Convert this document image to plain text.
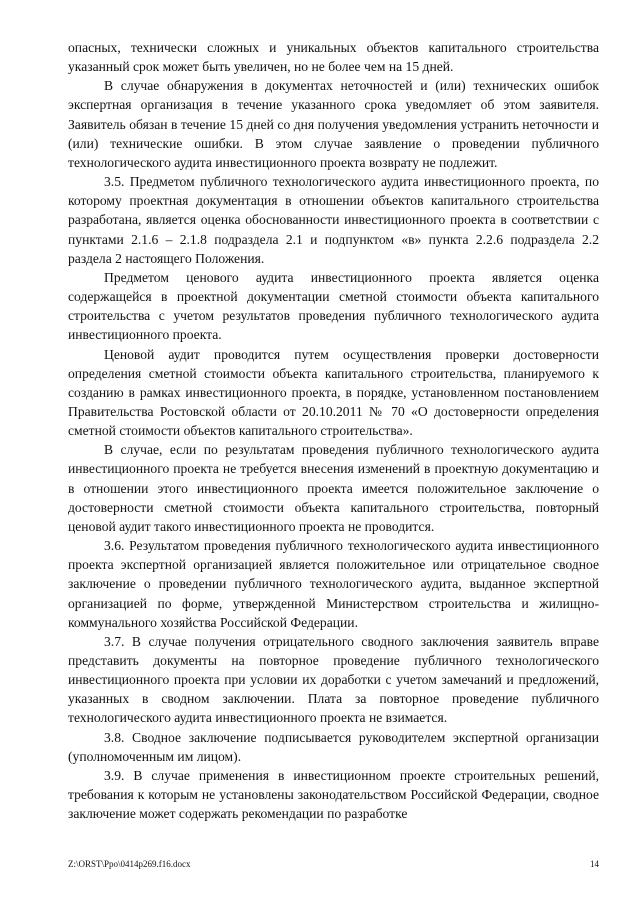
опасных, технически сложных и уникальных объектов капитального строительства указанный срок может быть увеличен, но не более чем на 15 дней.

В случае обнаружения в документах неточностей и (или) технических ошибок экспертная организация в течение указанного срока уведомляет об этом заявителя. Заявитель обязан в течение 15 дней со дня получения уведомления устранить неточности и (или) технические ошибки. В этом случае заявление о проведении публичного технологического аудита инвестиционного проекта возврату не подлежит.

3.5. Предметом публичного технологического аудита инвестиционного проекта, по которому проектная документация в отношении объектов капитального строительства разработана, является оценка обоснованности инвестиционного проекта в соответствии с пунктами 2.1.6 – 2.1.8 подраздела 2.1 и подпунктом «в» пункта 2.2.6 подраздела 2.2 раздела 2 настоящего Положения.

Предметом ценового аудита инвестиционного проекта является оценка содержащейся в проектной документации сметной стоимости объекта капитального строительства с учетом результатов проведения публичного технологического аудита инвестиционного проекта.

Ценовой аудит проводится путем осуществления проверки достоверности определения сметной стоимости объекта капитального строительства, планируемого к созданию в рамках инвестиционного проекта, в порядке, установленном постановлением Правительства Ростовской области от 20.10.2011 № 70 «О достоверности определения сметной стоимости объектов капитального строительства».

В случае, если по результатам проведения публичного технологического аудита инвестиционного проекта не требуется внесения изменений в проектную документацию и в отношении этого инвестиционного проекта имеется положительное заключение о достоверности сметной стоимости объекта капитального строительства, повторный ценовой аудит такого инвестиционного проекта не проводится.

3.6. Результатом проведения публичного технологического аудита инвестиционного проекта экспертной организацией является положительное или отрицательное сводное заключение о проведении публичного технологического аудита, выданное экспертной организацией по форме, утвержденной Министерством строительства и жилищно-коммунального хозяйства Российской Федерации.

3.7. В случае получения отрицательного сводного заключения заявитель вправе представить документы на повторное проведение публичного технологического инвестиционного проекта при условии их доработки с учетом замечаний и предложений, указанных в сводном заключении. Плата за повторное проведение публичного технологического аудита инвестиционного проекта не взимается.

3.8. Сводное заключение подписывается руководителем экспертной организации (уполномоченным им лицом).

3.9. В случае применения в инвестиционном проекте строительных решений, требования к которым не установлены законодательством Российской Федерации, сводное заключение может содержать рекомендации по разработке

Z:\ORST\Ppo\0414p269.f16.docx	14
